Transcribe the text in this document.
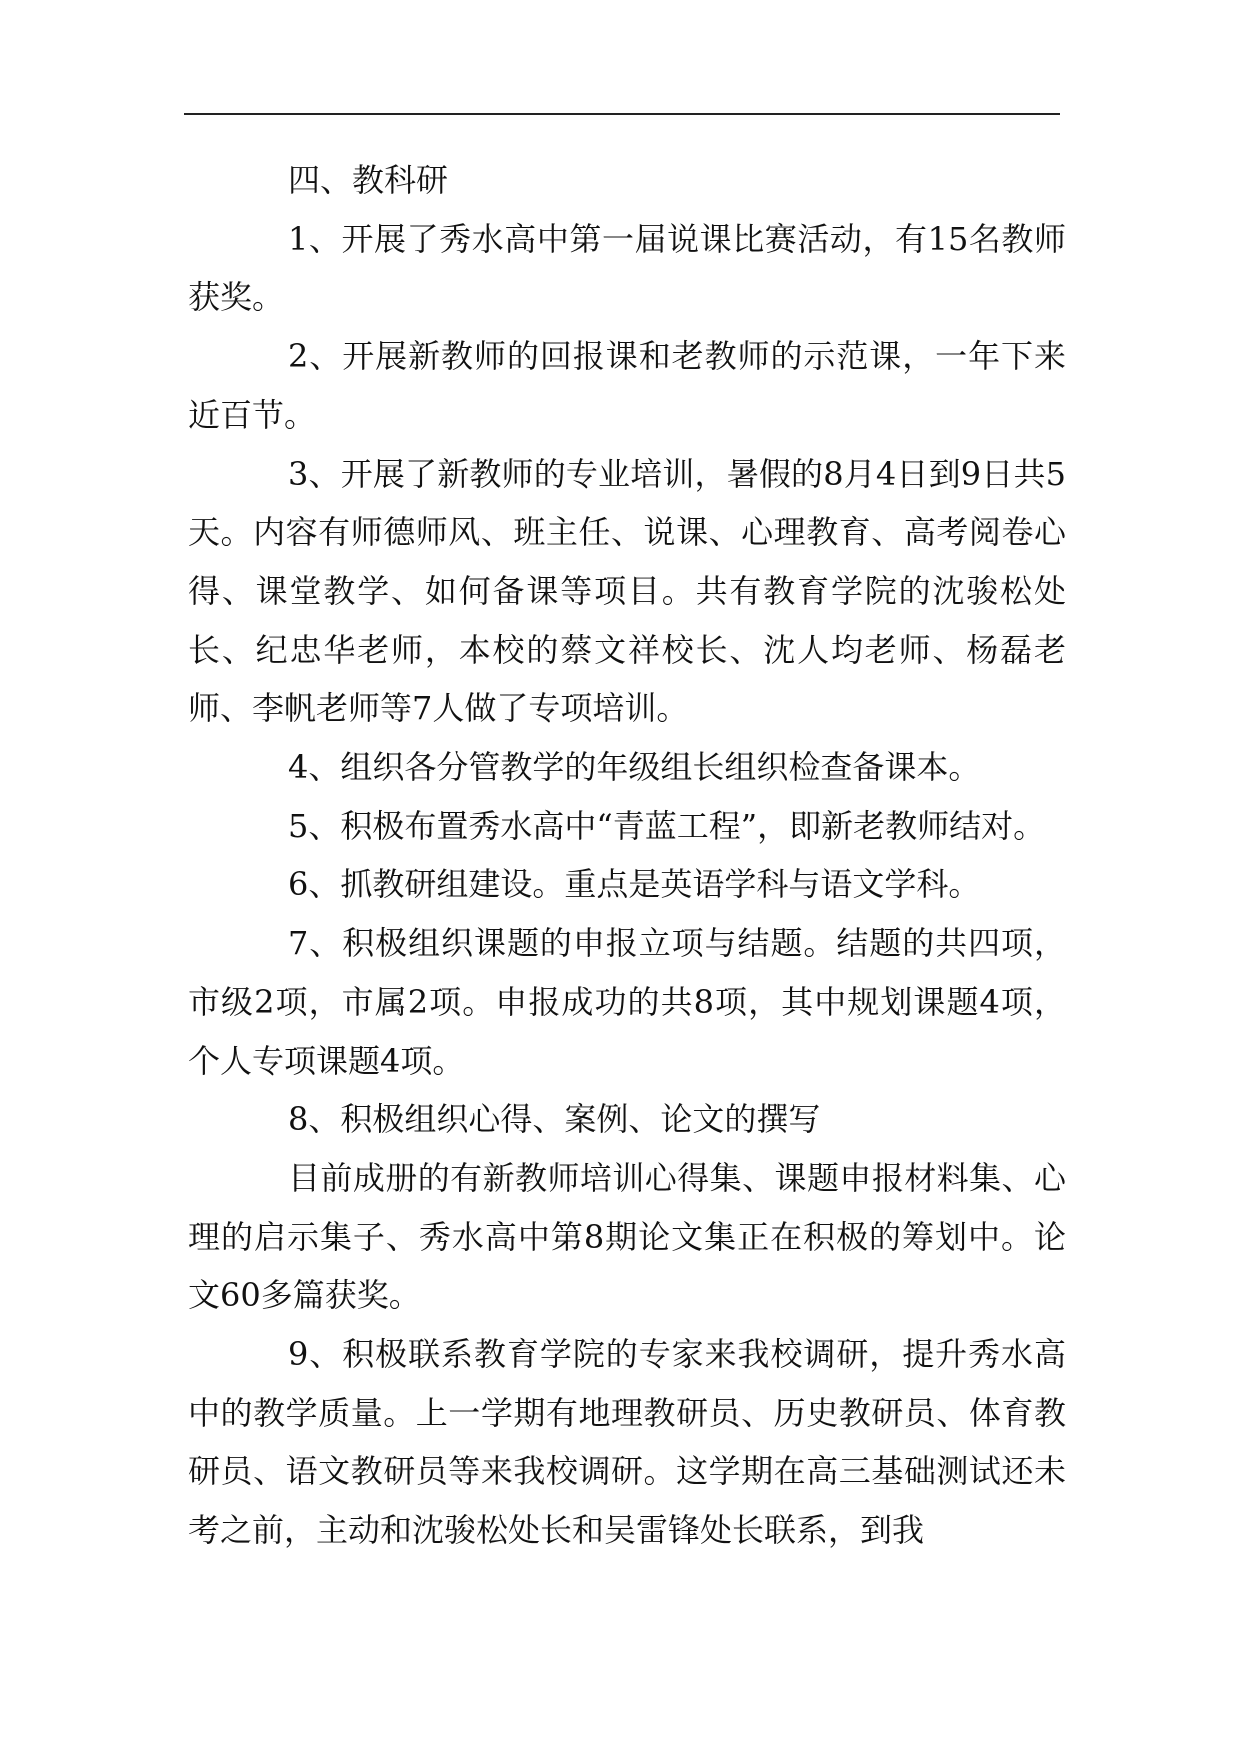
四、教科研

1、开展了秀水高中第一届说课比赛活动，有15名教师获奖。

2、开展新教师的回报课和老教师的示范课，一年下来近百节。

3、开展了新教师的专业培训，暑假的8月4日到9日共5天。内容有师德师风、班主任、说课、心理教育、高考阅卷心得、课堂教学、如何备课等项目。共有教育学院的沈骏松处长、纪忠华老师，本校的蔡文祥校长、沈人均老师、杨磊老师、李帆老师等7人做了专项培训。

4、组织各分管教学的年级组长组织检查备课本。

5、积极布置秀水高中“青蓝工程”，即新老教师结对。

6、抓教研组建设。重点是英语学科与语文学科。

7、积极组织课题的申报立项与结题。结题的共四项，市级2项，市属2项。申报成功的共8项，其中规划课题4项，个人专项课题4项。

8、积极组织心得、案例、论文的撰写

目前成册的有新教师培训心得集、课题申报材料集、心理的启示集子、秀水高中第8期论文集正在积极的筹划中。论文60多篇获奖。

9、积极联系教育学院的专家来我校调研，提升秀水高中的教学质量。上一学期有地理教研员、历史教研员、体育教研员、语文教研员等来我校调研。这学期在高三基础测试还未考之前，主动和沈骏松处长和吴雷锋处长联系，到我
